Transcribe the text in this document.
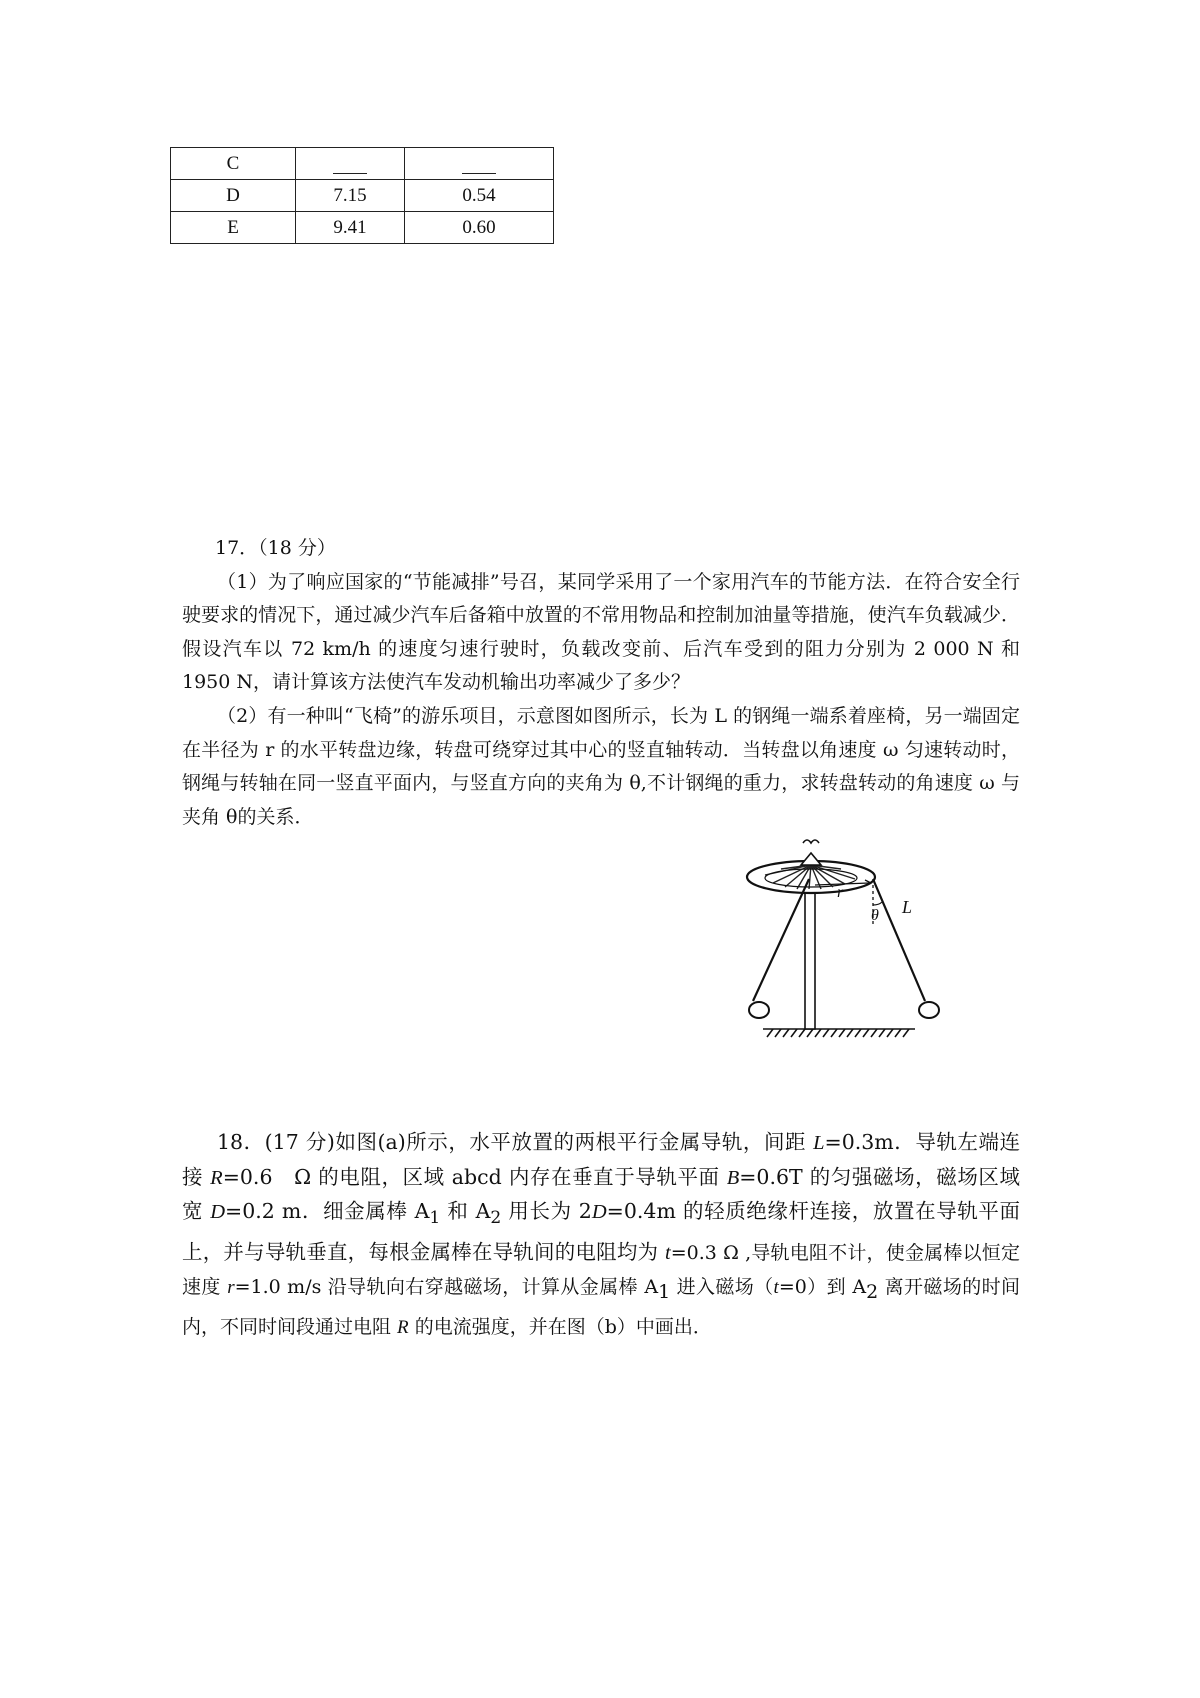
C		
D	7.15	0.54
E	9.41	0.60
17．（18 分）

（1）为了响应国家的“节能减排”号召，某同学采用了一个家用汽车的节能方法．在符合安全行驶要求的情况下，通过减少汽车后备箱中放置的不常用物品和控制加油量等措施，使汽车负载减少．假设汽车以 72 km/h 的速度匀速行驶时，负载改变前、后汽车受到的阻力分别为 2 000 N 和 1950 N，请计算该方法使汽车发动机输出功率减少了多少？

（2）有一种叫“飞椅”的游乐项目，示意图如图所示，长为 L 的钢绳一端系着座椅，另一端固定在半径为 r 的水平转盘边缘，转盘可绕穿过其中心的竖直轴转动．当转盘以角速度 ω 匀速转动时，钢绳与转轴在同一竖直平面内，与竖直方向的夹角为 θ,不计钢绳的重力，求转盘转动的角速度 ω 与夹角 θ的关系．

r
θ L

18．(17 分)如图(a)所示，水平放置的两根平行金属导轨，间距 L=0.3m．导轨左端连接 R=0.6　Ω 的电阻，区域 abcd 内存在垂直于导轨平面 B=0.6T 的匀强磁场，磁场区域宽 D=0.2 m．细金属棒 $A_1$ 和 $A_2$ 用长为 2D=0.4m 的轻质绝缘杆连接，放置在导轨平面上，并与导轨垂直，每根金属棒在导轨间的电阻均为 t=0.3 Ω ,导轨电阻不计，使金属棒以恒定速度 r=1.0 m/s 沿导轨向右穿越磁场，计算从金属棒 $A_1$ 进入磁场（t=0）到 $A_2$ 离开磁场的时间内，不同时间段通过电阻 R 的电流强度，并在图（b）中画出．
